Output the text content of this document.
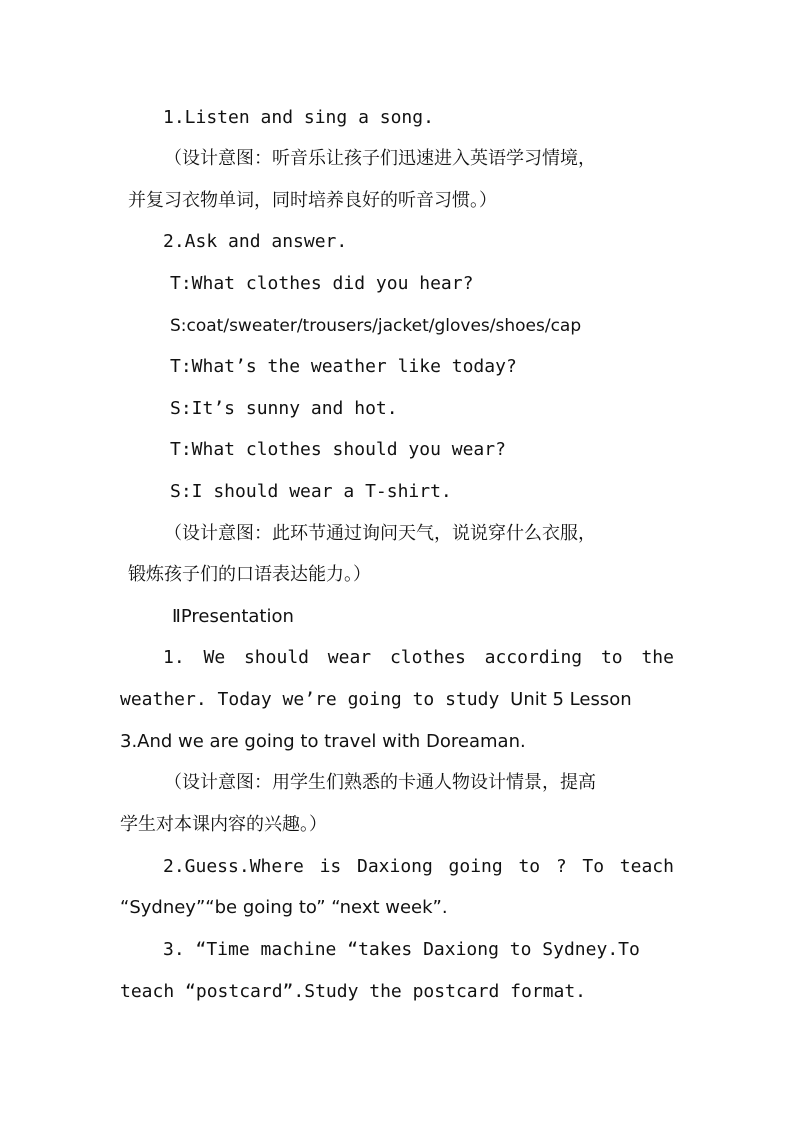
1.Listen and sing a song.
（设计意图：听音乐让孩子们迅速进入英语学习情境，
并复习衣物单词，同时培养良好的听音习惯。）
2.Ask and answer.
T:What clothes did you hear?
S:coat/sweater/trousers/jacket/gloves/shoes/cap
T:What’s the weather like today?
S:It’s sunny and hot.
T:What clothes should you wear?
S:I should wear a T-shirt.
（设计意图：此环节通过询问天气，说说穿什么衣服，
锻炼孩子们的口语表达能力。）
ⅡPresentation
1. We should wear clothes according to the
weather. Today we’re going to study Unit 5 Lesson
3.And we are going to travel with Doreaman.
（设计意图：用学生们熟悉的卡通人物设计情景，提高
学生对本课内容的兴趣。）
2.Guess.Where is Daxiong going to ? To teach
“Sydney”“be going to” “next week”.
3. “Time machine “takes Daxiong to Sydney.To
teach “postcard”.Study the postcard format.
